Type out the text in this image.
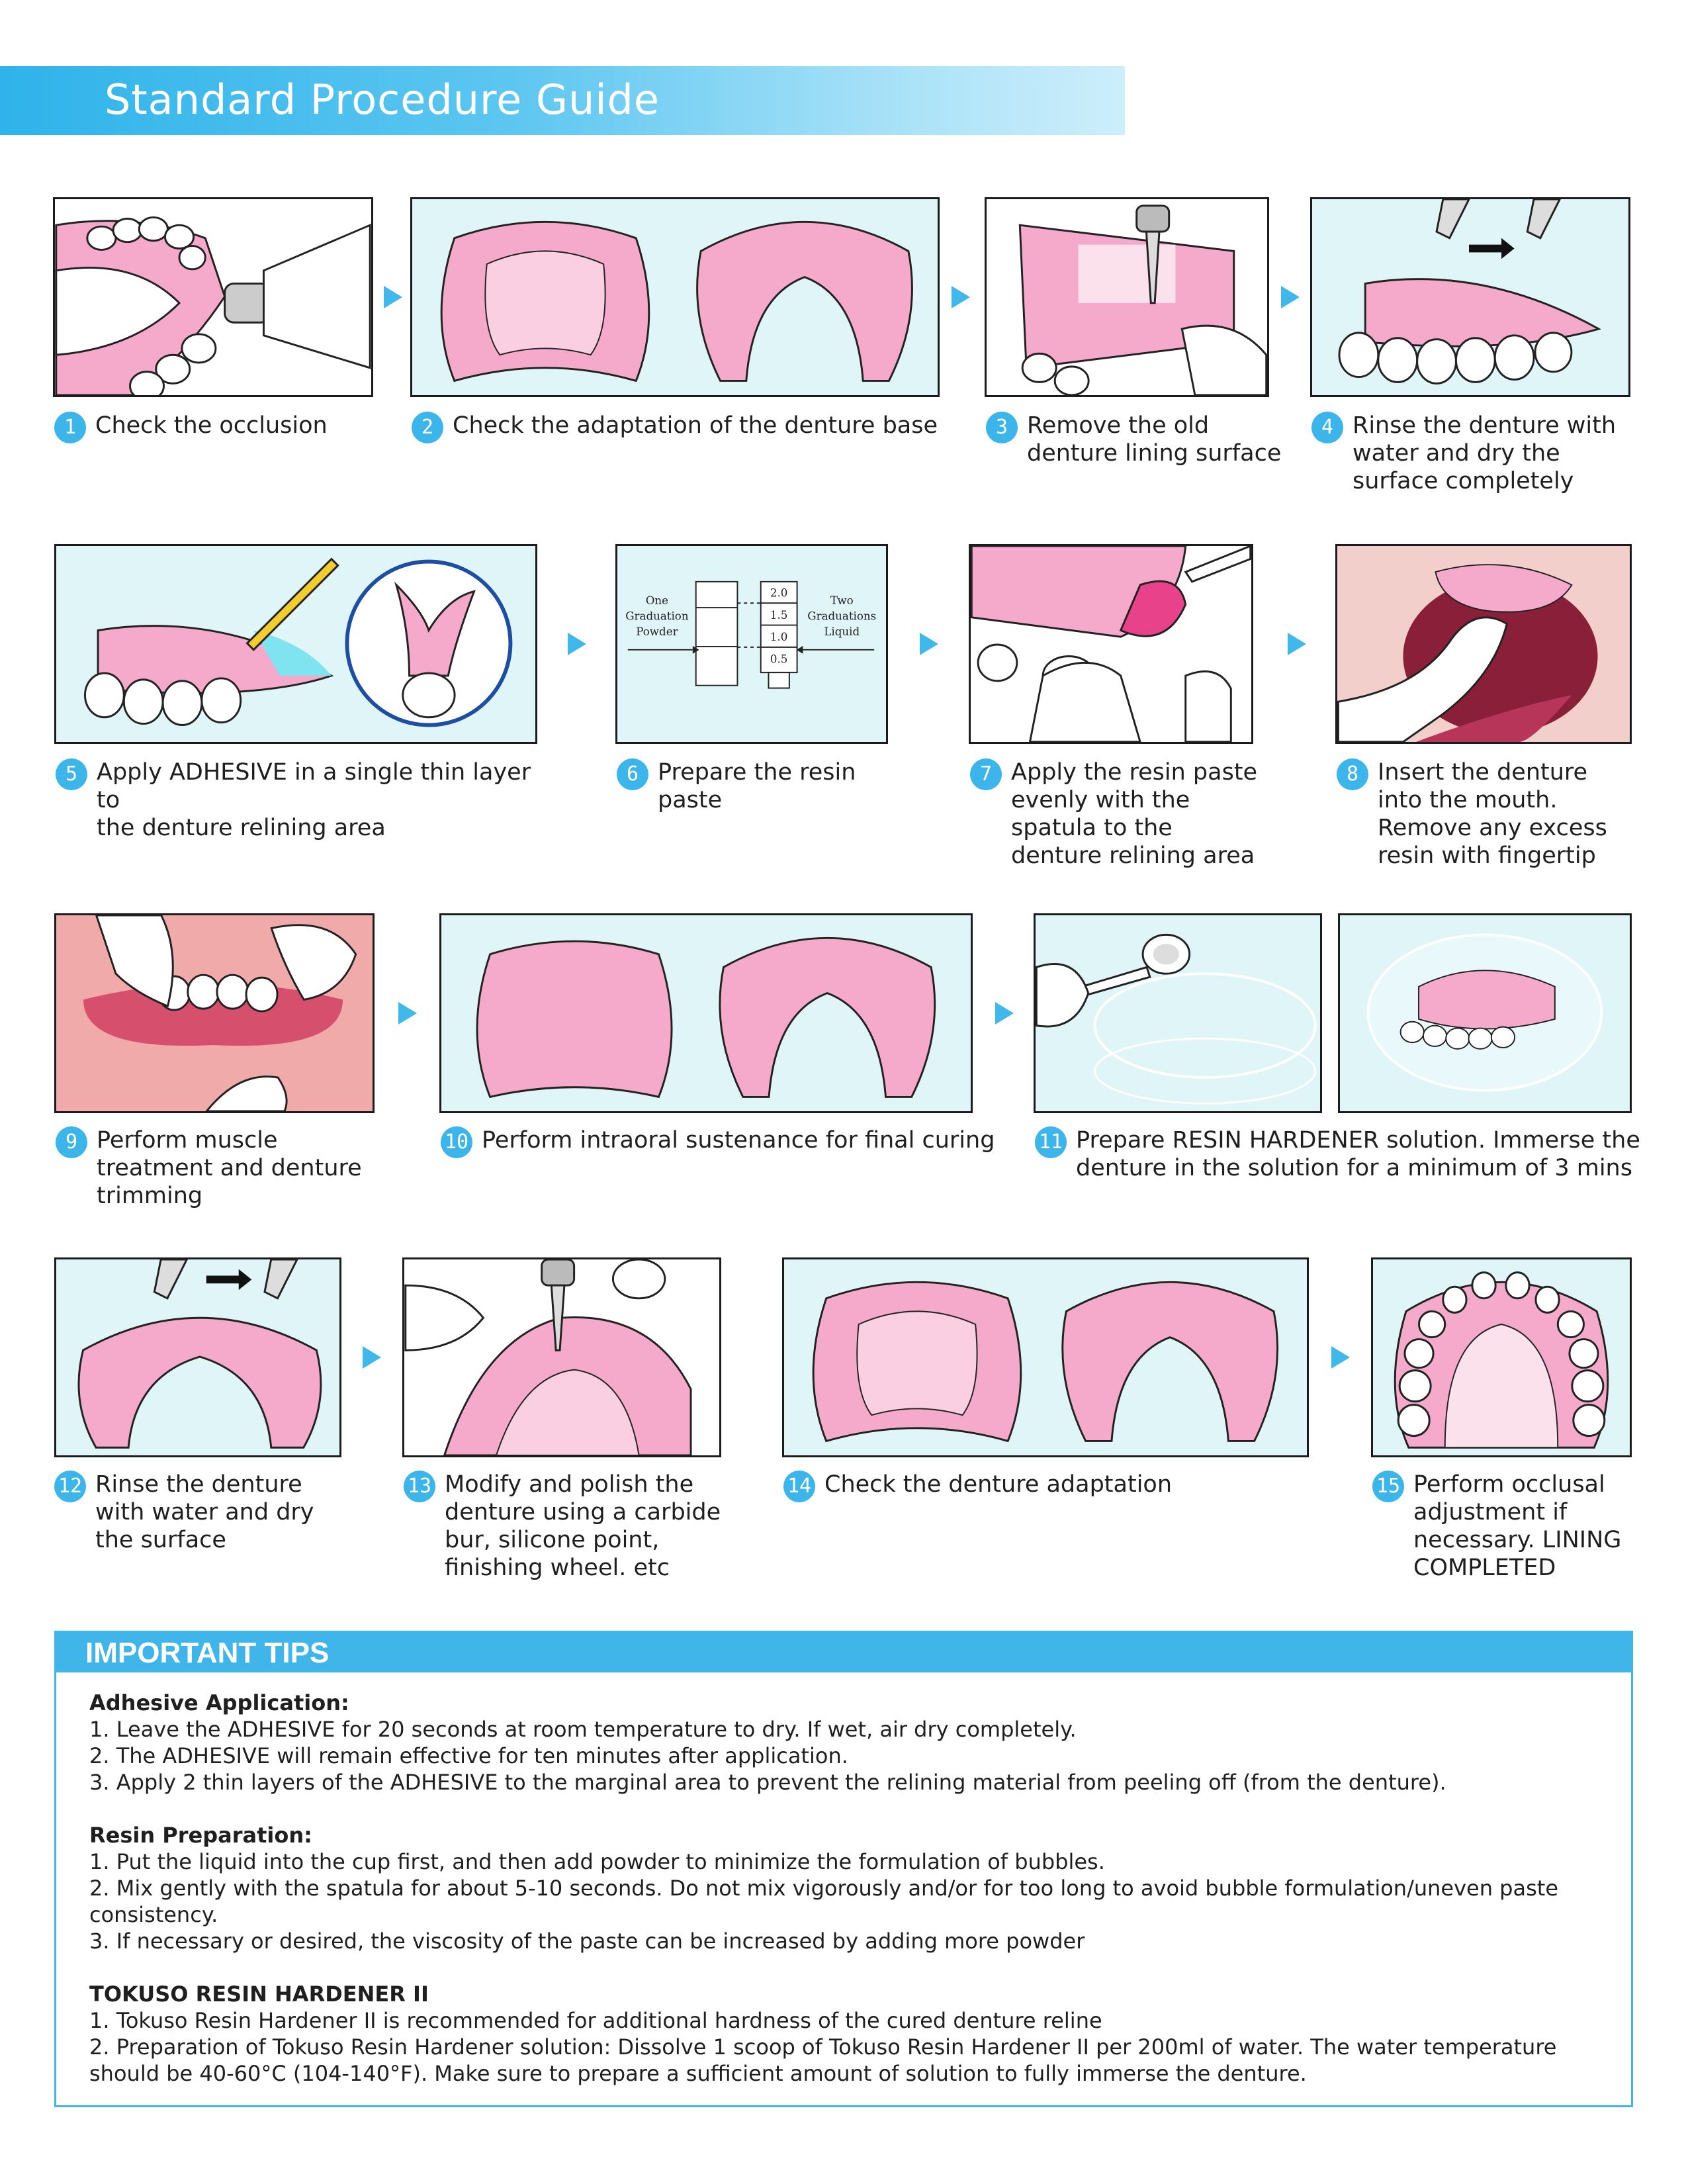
Standard Procedure Guide
1 Check the occlusion	2 Check the adaptation of the denture base	3 Remove the old
denture lining surface
4 Rinse the denture with
water and dry the
surface completely
One
Graduation
Powder
Two
Graduations
Liquid
2.0
1.5
1.0
0.5
5 Apply ADHESIVE in a single thin layer to
the denture relining area
6 Prepare the resin
paste
7 Apply the resin paste
evenly with the
spatula to the
denture relining area
8 Insert the denture
into the mouth.
Remove any excess
resin with fingertip
9 Perform muscle
treatment and denture
trimming
10 Perform intraoral sustenance for final curing 11 Prepare RESIN HARDENER solution. Immerse the
denture in the solution for a minimum of 3 mins
12 Rinse the denture
with water and dry
the surface
13 Modify and polish the
denture using a carbide
bur, silicone point,
finishing wheel. etc
14 Check the denture adaptation	15 Perform occlusal
adjustment if
necessary. LINING
COMPLETED
IMPORTANT TIPS
Adhesive Application:

1. Leave the ADHESIVE for 20 seconds at room temperature to dry. If wet, air dry completely.

2. The ADHESIVE will remain effective for ten minutes after application.

3. Apply 2 thin layers of the ADHESIVE to the marginal area to prevent the relining material from peeling off (from the denture).

Resin Preparation:

1. Put the liquid into the cup first, and then add powder to minimize the formulation of bubbles.

2. Mix gently with the spatula for about 5-10 seconds. Do not mix vigorously and/or for too long to avoid bubble formulation/uneven paste consistency.

3. If necessary or desired, the viscosity of the paste can be increased by adding more powder

TOKUSO RESIN HARDENER II

1. Tokuso Resin Hardener II is recommended for additional hardness of the cured denture reline

2. Preparation of Tokuso Resin Hardener solution: Dissolve 1 scoop of Tokuso Resin Hardener II per 200ml of water. The water temperature should be 40-60°C (104-140°F). Make sure to prepare a sufficient amount of solution to fully immerse the denture.
